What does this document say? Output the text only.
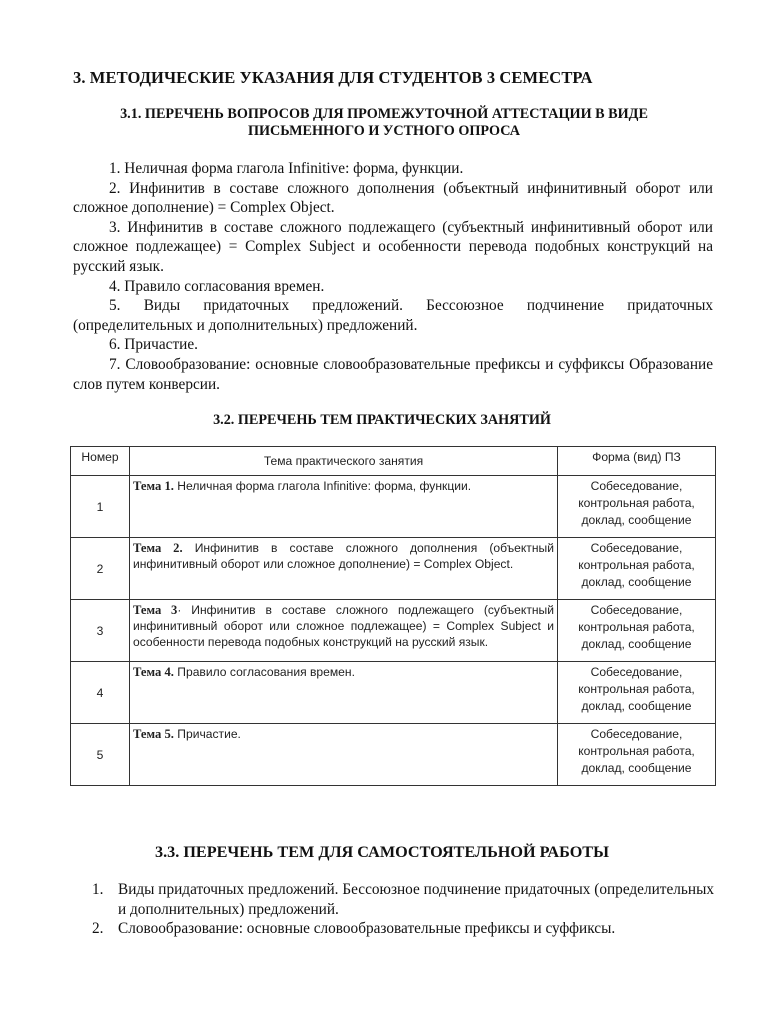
3. МЕТОДИЧЕСКИЕ УКАЗАНИЯ ДЛЯ СТУДЕНТОВ 3 СЕМЕСТРА
3.1. ПЕРЕЧЕНЬ ВОПРОСОВ ДЛЯ ПРОМЕЖУТОЧНОЙ АТТЕСТАЦИИ В ВИДЕ
ПИСЬМЕННОГО И УСТНОГО ОПРОСА

1. Неличная форма глагола Infinitive: форма, функции.

2. Инфинитив в составе сложного дополнения (объектный инфинитивный оборот или сложное дополнение) = Complex Object.

3. Инфинитив в составе сложного подлежащего (субъектный инфинитивный оборот или сложное подлежащее) = Complex Subject и особенности перевода подобных конструкций на русский язык.

4. Правило согласования времен.

5. Виды придаточных предложений. Бессоюзное подчинение придаточных (определительных и дополнительных) предложений.

6. Причастие.

7. Словообразование: основные словообразовательные префиксы и суффиксы Образование слов путем конверсии.

3.2. ПЕРЕЧЕНЬ ТЕМ ПРАКТИЧЕСКИХ ЗАНЯТИЙ
Номер	Тема практического занятия	Форма (вид) ПЗ
1	Тема 1. Неличная форма глагола Infinitive: форма, функции.	Собеседование, контрольная работа, доклад, сообщение
2	Тема 2. Инфинитив в составе сложного дополнения (объектный инфинитивный оборот или сложное дополнение) = Complex Object.	Собеседование, контрольная работа, доклад, сообщение
3	Тема 3· Инфинитив в составе сложного подлежащего (субъектный инфинитивный оборот или сложное подлежащее) = Complex Subject и особенности перевода подобных конструкций на русский язык.	Собеседование, контрольная работа, доклад, сообщение
4	Тема 4. Правило согласования времен.	Собеседование, контрольная работа, доклад, сообщение
5	Тема 5. Причастие.	Собеседование, контрольная работа, доклад, сообщение
3.3. ПЕРЕЧЕНЬ ТЕМ ДЛЯ САМОСТОЯТЕЛЬНОЙ РАБОТЫ
1. Виды придаточных предложений. Бессоюзное подчинение придаточных (определительных и дополнительных) предложений.
2. Словообразование: основные словообразовательные префиксы и суффиксы.
